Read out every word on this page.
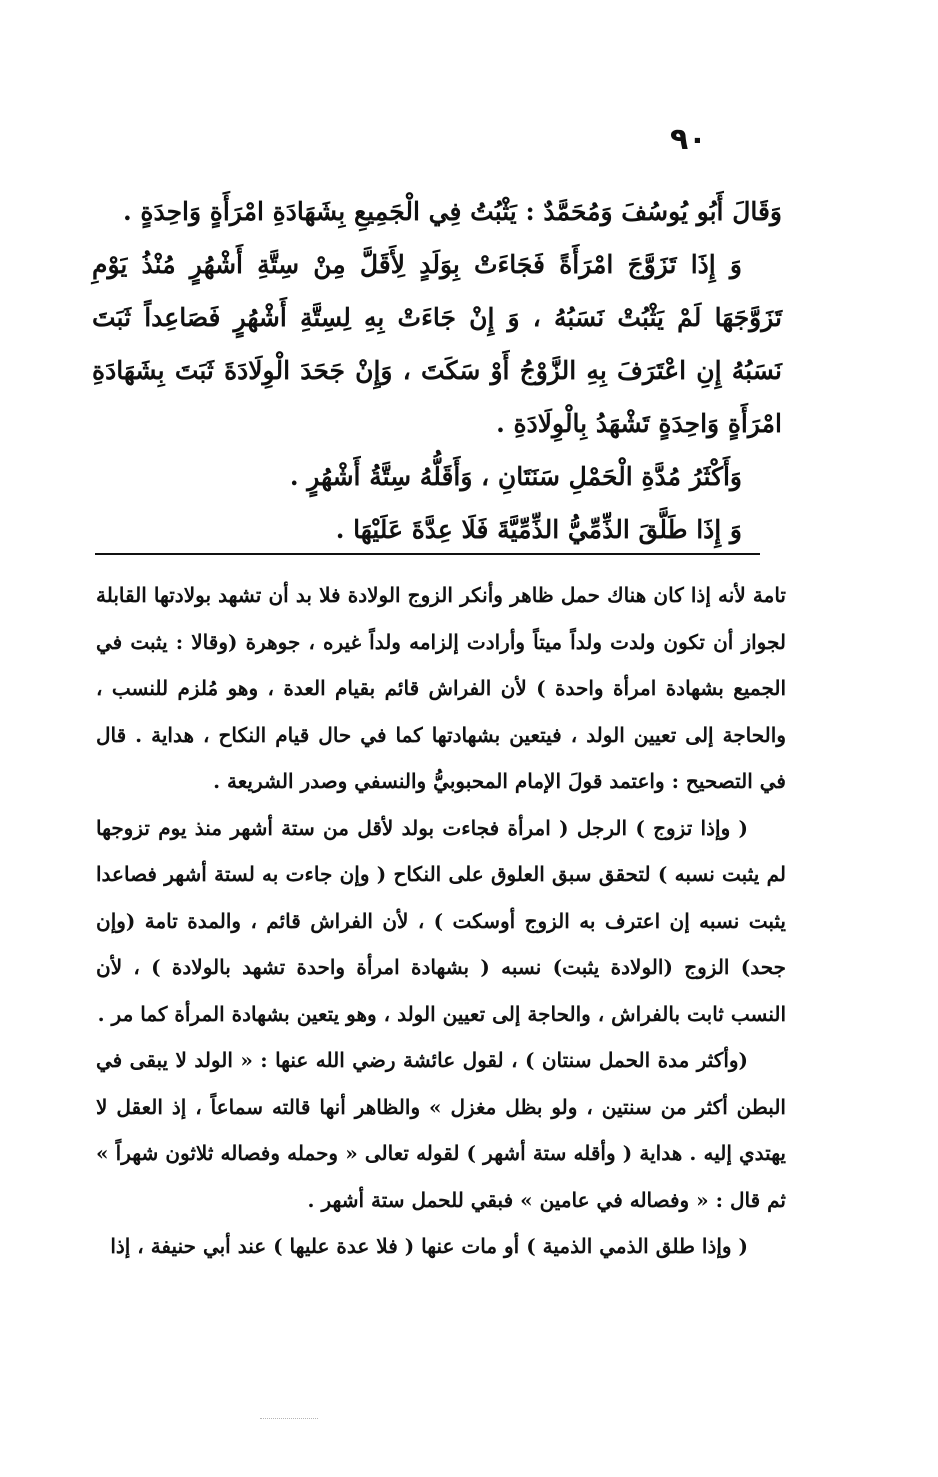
٩٠

وَقَالَ أَبُو يُوسُفَ وَمُحَمَّدٌ : يَثْبُتُ فِي الْجَمِيعِ بِشَهَادَةِ امْرَأَةٍ وَاحِدَةٍ .

وَ إِذَا تَزَوَّجَ امْرَأَةً فَجَاءَتْ بِوَلَدٍ لِأَقَلَّ مِنْ سِتَّةِ أَشْهُرٍ مُنْذُ يَوْمِ تَزَوَّجَهَا لَمْ يَثْبُتْ نَسَبُهُ ، وَ إِنْ جَاءَتْ بِهِ لِسِتَّةِ أَشْهُرٍ فَصَاعِداً ثَبَتَ نَسَبُهُ إِنِ اعْتَرَفَ بِهِ الزَّوْجُ أَوْ سَكَتَ ، وَإِنْ جَحَدَ الْوِلَادَةَ ثَبَتَ بِشَهَادَةِ امْرَأَةٍ وَاحِدَةٍ تَشْهَدُ بِالْوِلَادَةِ .

وَأَكْثَرُ مُدَّةِ الْحَمْلِ سَنَتَانِ ، وَأَقَلُّهُ سِتَّةُ أَشْهُرٍ .

وَ إِذَا طَلَّقَ الذِّمِّيُّ الذِّمِّيَّةَ فَلَا عِدَّةَ عَلَيْهَا .

تامة لأنه إذا كان هناك حمل ظاهر وأنكر الزوج الولادة فلا بد أن تشهد بولادتها القابلة لجواز أن تكون ولدت ولداً ميتاً وأرادت إلزامه ولداً غيره ، جوهرة (وقالا : يثبت في الجميع بشهادة امرأة واحدة ) لأن الفراش قائم بقيام العدة ، وهو مُلزم للنسب ، والحاجة إلى تعيين الولد ، فيتعين بشهادتها كما في حال قيام النكاح ، هداية . قال في التصحيح : واعتمد قولَ الإمام المحبوبيُّ والنسفي وصدر الشريعة .

( وإذا تزوج ) الرجل ( امرأة فجاءت بولد لأقل من ستة أشهر منذ يوم تزوجها لم يثبت نسبه ) لتحقق سبق العلوق على النكاح ( وإن جاءت به لستة أشهر فصاعدا يثبت نسبه إن اعترف به الزوج أوسكت ) ، لأن الفراش قائم ، والمدة تامة (وإن جحد) الزوج (الولادة يثبت) نسبه ( بشهادة امرأة واحدة تشهد بالولادة ) ، لأن النسب ثابت بالفراش ، والحاجة إلى تعيين الولد ، وهو يتعين بشهادة المرأة كما مر .

(وأكثر مدة الحمل سنتان ) ، لقول عائشة رضي الله عنها : « الولد لا يبقى في البطن أكثر من سنتين ، ولو بظل مغزل » والظاهر أنها قالته سماعاً ، إذ العقل لا يهتدي إليه . هداية ( وأقله ستة أشهر ) لقوله تعالى « وحمله وفصاله ثلاثون شهراً » ثم قال : « وفصاله في عامين » فبقي للحمل ستة أشهر .

( وإذا طلق الذمي الذمية ) أو مات عنها ( فلا عدة عليها ) عند أبي حنيفة ، إذا
